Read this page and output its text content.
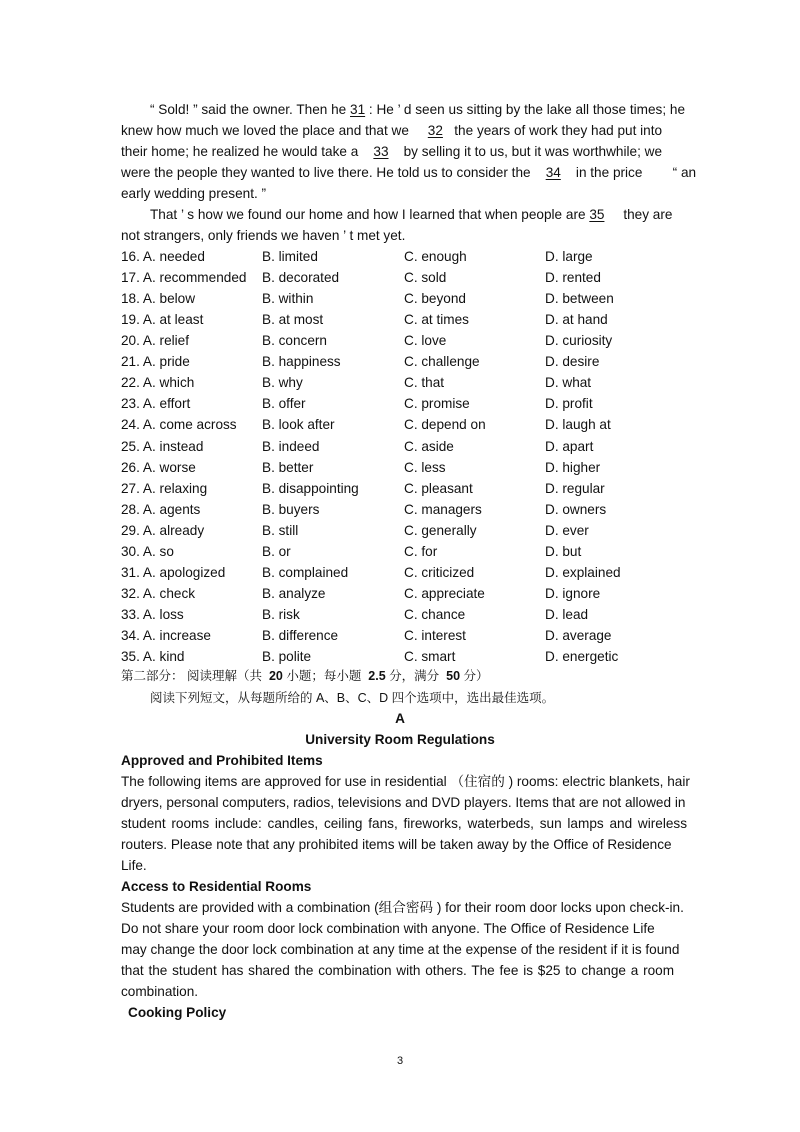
“ Sold! ” said the owner. Then he 31 : He ’ d seen us sitting by the lake all those times; he
knew how much we loved the place and that we 32 the years of work they had put into
their home; he realized he would take a 33 by selling it to us, but it was worthwhile; we
were the people they wanted to live there. He told us to consider the 34 in the price “ an
early wedding present. ”
That ’ s how we found our home and how I learned that when people are 35 they are
not strangers, only friends we haven ’ t met yet.
16. A. needed	B. limited	C. enough	D. large
17. A. recommended B. decorated	C. sold	D. rented
18. A. below	B. within	C. beyond	D. between
19. A. at least	B. at most	C. at times	D. at hand
20. A. relief	B. concern	C. love	D. curiosity
21. A. pride	B. happiness	C. challenge	D. desire
22. A. which	B. why	C. that	D. what
23. A. effort	B. offer	C. promise	D. profit
24. A. come across B. look after	C. depend on	D. laugh at
25. A. instead	B. indeed	C. aside	D. apart
26. A. worse	B. better	C. less	D. higher
27. A. relaxing	B. disappointing	C. pleasant	D. regular
28. A. agents	B. buyers	C. managers	D. owners
29. A. already	B. still	C. generally	D. ever
30. A. so	B. or	C. for	D. but
31. A. apologized	B. complained	C. criticized	D. explained
32. A. check	B. analyze	C. appreciate	D. ignore
33. A. loss	B. risk	C. chance	D. lead
34. A. increase	B. difference	C. interest	D. average
35. A. kind	B. polite	C. smart	D. energetic
第二部分： 阅读理解（共 20 小题；每小题 2.5 分，满分 50 分）
阅读下列短文，从每题所给的 A、B、C、D 四个选项中，选出最佳选项。
A
University Room Regulations
Approved and Prohibited Items
The following items are approved for use in residential （住宿的 ) rooms: electric blankets, hair
dryers, personal computers, radios, televisions and DVD players. Items that are not allowed in
student rooms include: candles, ceiling fans, fireworks, waterbeds, sun lamps and wireless
routers. Please note that any prohibited items will be taken away by the Office of Residence
Life.
Access to Residential Rooms
Students are provided with a combination (组合密码 ) for their room door locks upon check-in.
Do not share your room door lock combination with anyone. The Office of Residence Life
may change the door lock combination at any time at the expense of the resident if it is found
that the student has shared the combination with others. The fee is $25 to change a room
combination.
Cooking Policy
3
